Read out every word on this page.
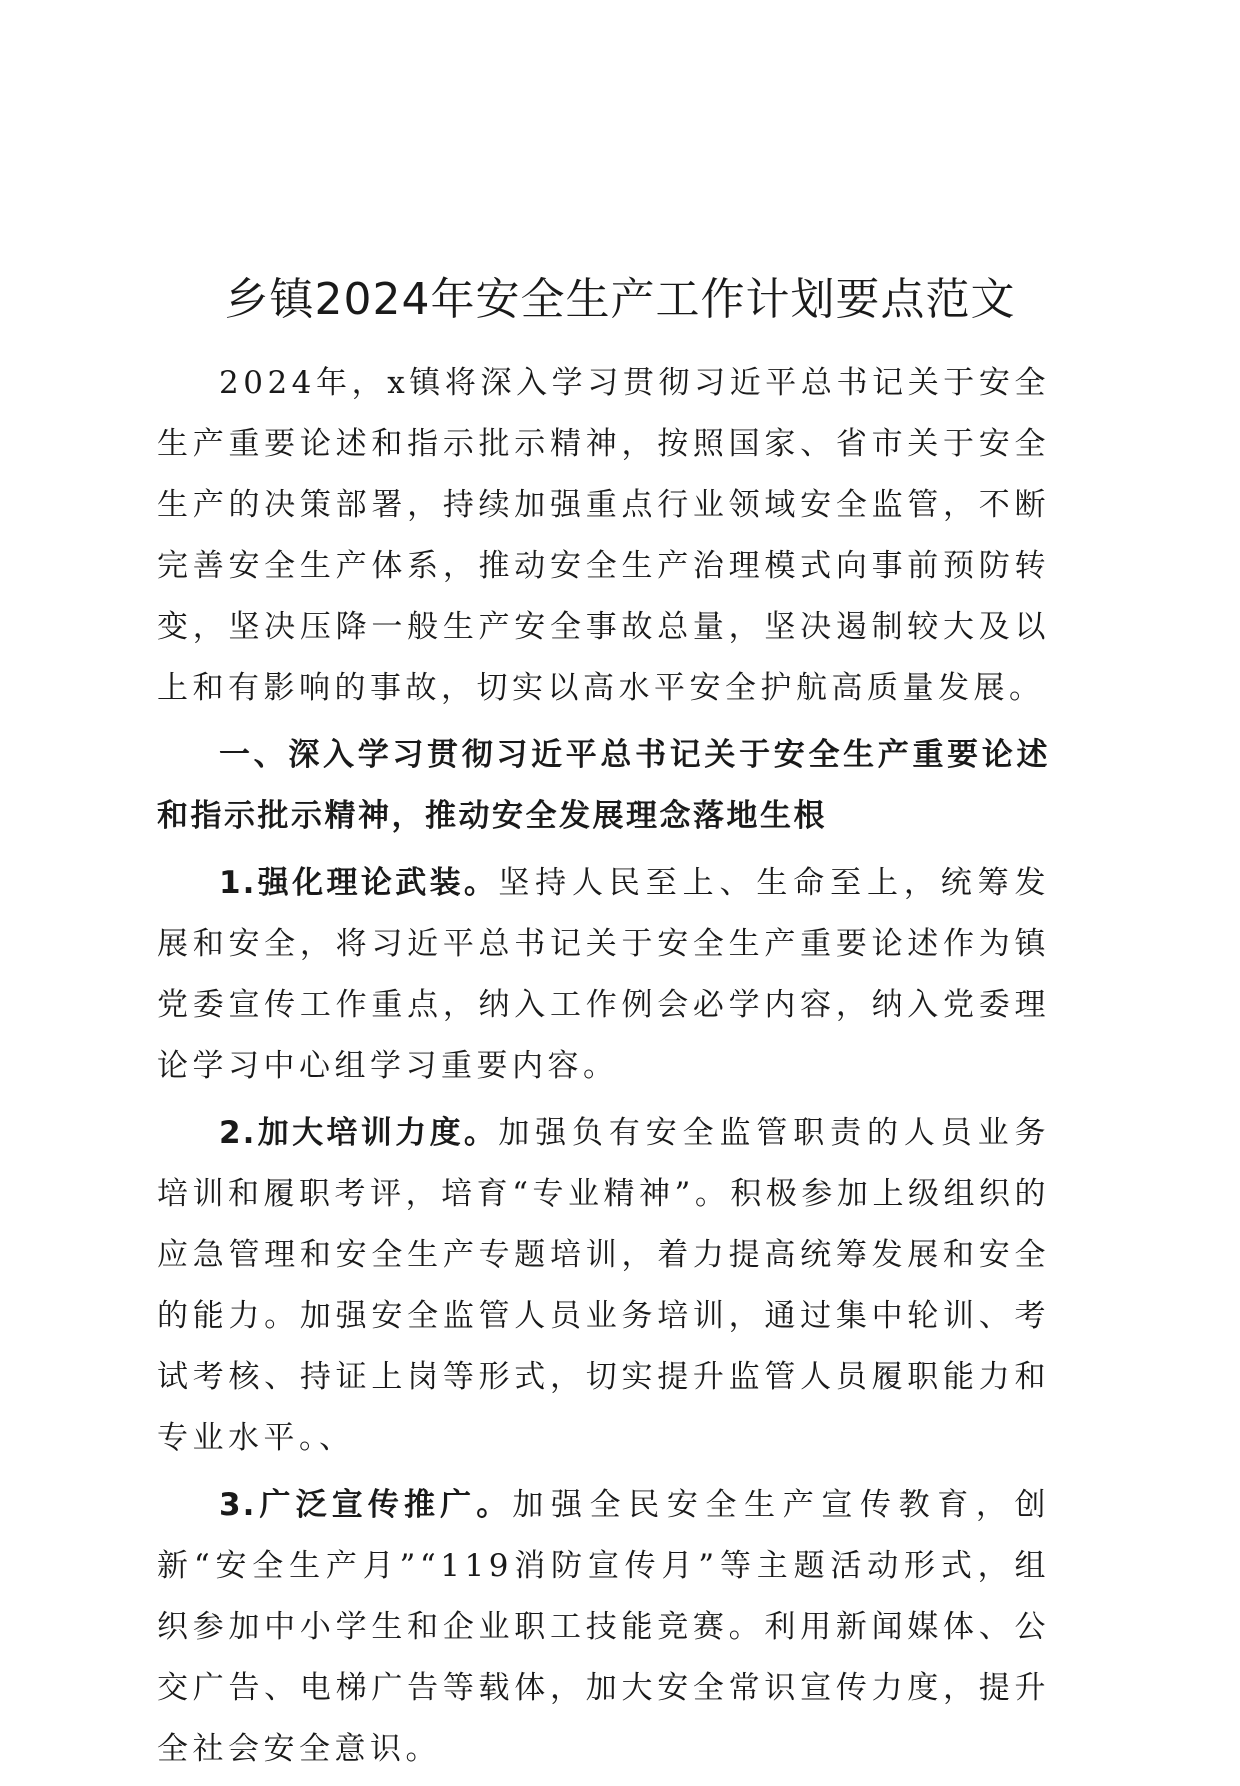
乡镇2024年安全生产工作计划要点范文

2024年，x镇将深入学习贯彻习近平总书记关于安全生产重要论述和指示批示精神，按照国家、省市关于安全生产的决策部署，持续加强重点行业领域安全监管，不断完善安全生产体系，推动安全生产治理模式向事前预防转变，坚决压降一般生产安全事故总量，坚决遏制较大及以上和有影响的事故，切实以高水平安全护航高质量发展。

一、深入学习贯彻习近平总书记关于安全生产重要论述和指示批示精神，推动安全发展理念落地生根

1.强化理论武装。坚持人民至上、生命至上，统筹发展和安全，将习近平总书记关于安全生产重要论述作为镇党委宣传工作重点，纳入工作例会必学内容，纳入党委理论学习中心组学习重要内容。

2.加大培训力度。加强负有安全监管职责的人员业务培训和履职考评，培育“专业精神”。积极参加上级组织的应急管理和安全生产专题培训，着力提高统筹发展和安全的能力。加强安全监管人员业务培训，通过集中轮训、考试考核、持证上岗等形式，切实提升监管人员履职能力和专业水平。、

3.广泛宣传推广。加强全民安全生产宣传教育，创新“安全生产月”“119消防宣传月”等主题活动形式，组织参加中小学生和企业职工技能竞赛。利用新闻媒体、公交广告、电梯广告等载体，加大安全常识宣传力度，提升全社会安全意识。
